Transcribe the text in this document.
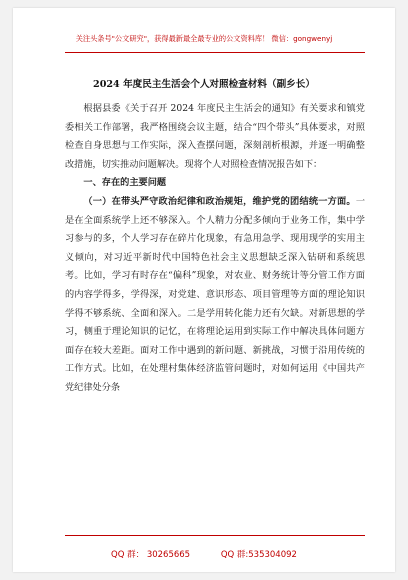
关注头条号"公文研究"，获得最新最全最专业的公文资料库！ 微信：gongwenyj
2024 年度民主生活会个人对照检查材料（副乡长）

根据县委《关于召开 2024 年度民主生活会的通知》有关要求和镇党委相关工作部署，我严格围绕会议主题，结合“四个带头”具体要求，对照检查自身思想与工作实际，深入查摆问题，深刻剖析根源，并逐一明确整改措施，切实推动问题解决。现将个人对照检查情况报告如下：

一、存在的主要问题

（一）在带头严守政治纪律和政治规矩，维护党的团结统一方面。一是在全面系统学上还不够深入。个人精力分配多倾向于业务工作，集中学习参与的多，个人学习存在碎片化现象，有急用急学、现用现学的实用主义倾向，对习近平新时代中国特色社会主义思想缺乏深入钻研和系统思考。比如，学习有时存在“偏科”现象，对农业、财务统计等分管工作方面的内容学得多，学得深，对党建、意识形态、项目管理等方面的理论知识学得不够系统、全面和深入。二是学用转化能力还有欠缺。对新思想的学习，侧重于理论知识的记忆，在将理论运用到实际工作中解决具体问题方面存在较大差距。面对工作中遇到的新问题、新挑战，习惯于沿用传统的工作方式。比如，在处理村集体经济监管问题时，对如何运用《中国共产党纪律处分条

QQ 群： 30265665	QQ 群:535304092
